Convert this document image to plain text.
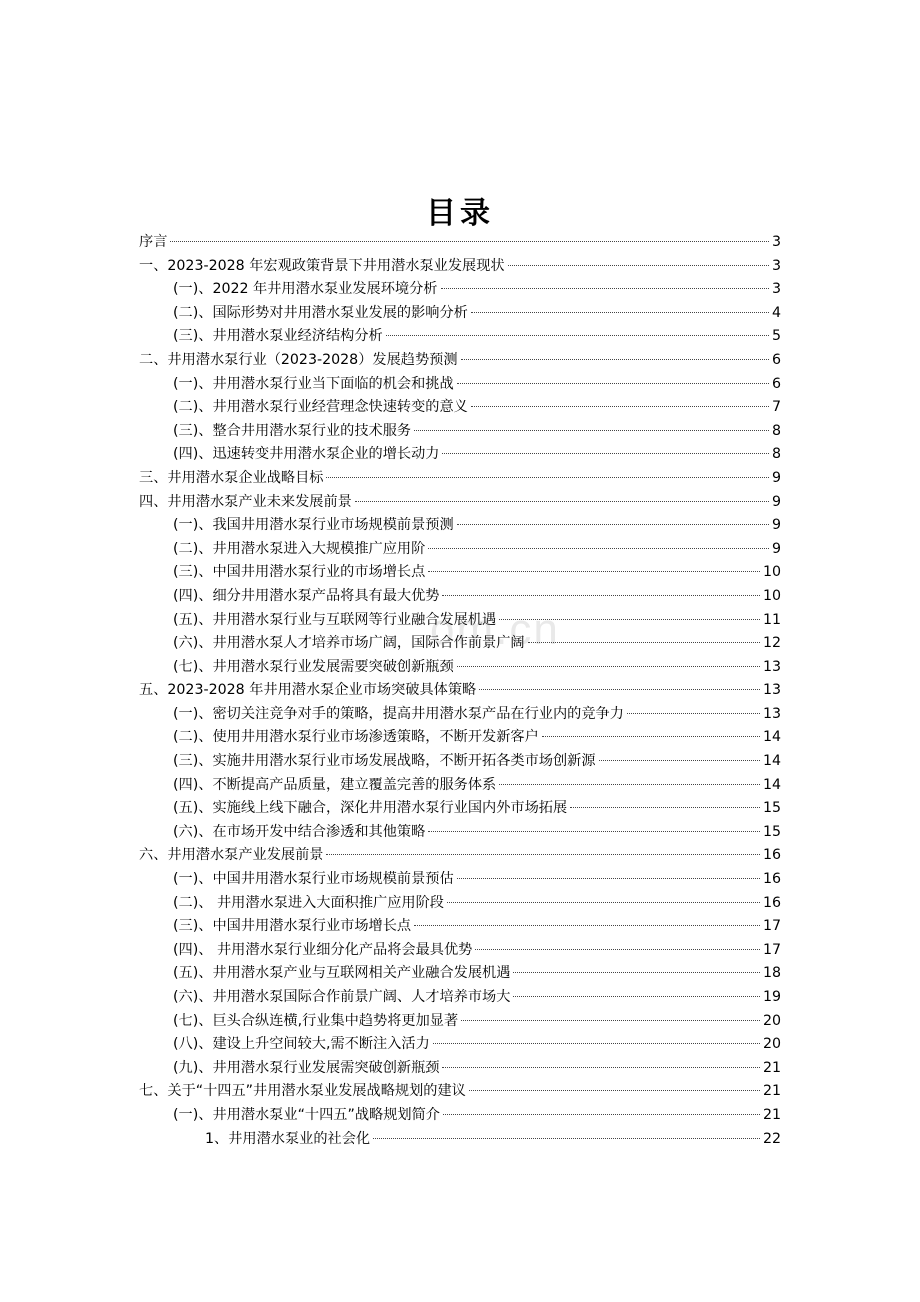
om.cn
目录
序言	3
一、2023-2028 年宏观政策背景下井用潜水泵业发展现状	3
(一)、2022 年井用潜水泵业发展环境分析	3
(二)、国际形势对井用潜水泵业发展的影响分析	4
(三)、井用潜水泵业经济结构分析	5
二、井用潜水泵行业（2023-2028）发展趋势预测	6
(一)、井用潜水泵行业当下面临的机会和挑战	6
(二)、井用潜水泵行业经营理念快速转变的意义	7
(三)、整合井用潜水泵行业的技术服务	8
(四)、迅速转变井用潜水泵企业的增长动力	8
三、井用潜水泵企业战略目标	9
四、井用潜水泵产业未来发展前景	9
(一)、我国井用潜水泵行业市场规模前景预测	9
(二)、井用潜水泵进入大规模推广应用阶	9
(三)、中国井用潜水泵行业的市场增长点	10
(四)、细分井用潜水泵产品将具有最大优势	10
(五)、井用潜水泵行业与互联网等行业融合发展机遇	11
(六)、井用潜水泵人才培养市场广阔，国际合作前景广阔	12
(七)、井用潜水泵行业发展需要突破创新瓶颈	13
五、2023-2028 年井用潜水泵企业市场突破具体策略	13
(一)、密切关注竞争对手的策略，提高井用潜水泵产品在行业内的竞争力	13
(二)、使用井用潜水泵行业市场渗透策略，不断开发新客户	14
(三)、实施井用潜水泵行业市场发展战略，不断开拓各类市场创新源	14
(四)、不断提高产品质量，建立覆盖完善的服务体系	14
(五)、实施线上线下融合，深化井用潜水泵行业国内外市场拓展	15
(六)、在市场开发中结合渗透和其他策略	15
六、井用潜水泵产业发展前景	16
(一)、中国井用潜水泵行业市场规模前景预估	16
(二)、 井用潜水泵进入大面积推广应用阶段	16
(三)、中国井用潜水泵行业市场增长点	17
(四)、 井用潜水泵行业细分化产品将会最具优势	17
(五)、井用潜水泵产业与互联网相关产业融合发展机遇	18
(六)、井用潜水泵国际合作前景广阔、人才培养市场大	19
(七)、巨头合纵连横,行业集中趋势将更加显著	20
(八)、建设上升空间较大,需不断注入活力	20
(九)、井用潜水泵行业发展需突破创新瓶颈	21
七、关于“十四五”井用潜水泵业发展战略规划的建议	21
(一)、井用潜水泵业“十四五”战略规划简介	21
1、井用潜水泵业的社会化	22
